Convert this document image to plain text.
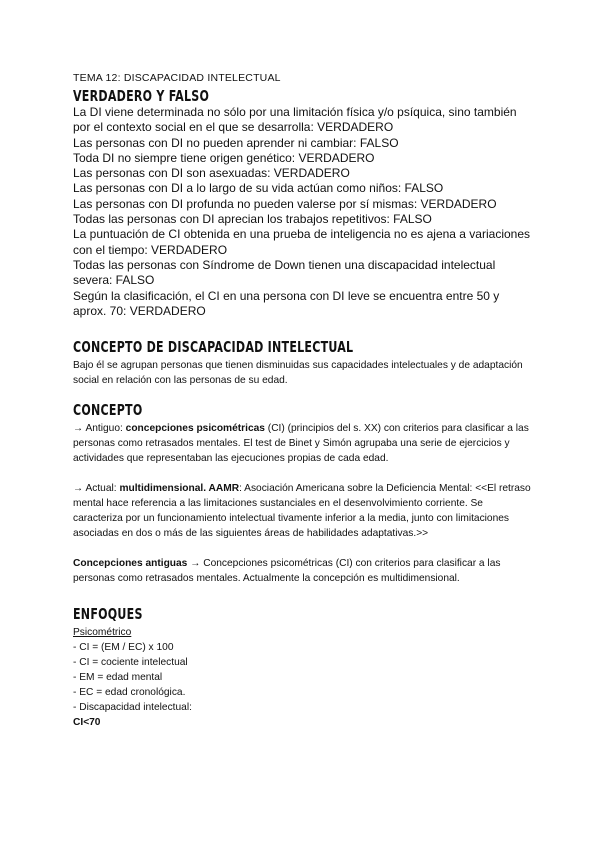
TEMA 12: DISCAPACIDAD INTELECTUAL

VERDADERO Y FALSO
La DI viene determinada no sólo por una limitación física y/o psíquica, sino también por el contexto social en el que se desarrolla: VERDADERO
Las personas con DI no pueden aprender ni cambiar: FALSO
Toda DI no siempre tiene origen genético: VERDADERO
Las personas con DI son asexuadas: VERDADERO
Las personas con DI a lo largo de su vida actúan como niños: FALSO
Las personas con DI profunda no pueden valerse por sí mismas: VERDADERO
Todas las personas con DI aprecian los trabajos repetitivos: FALSO
La puntuación de CI obtenida en una prueba de inteligencia no es ajena a variaciones con el tiempo: VERDADERO
Todas las personas con Síndrome de Down tienen una discapacidad intelectual severa: FALSO
Según la clasificación, el CI en una persona con DI leve se encuentra entre 50 y aprox. 70: VERDADERO
CONCEPTO DE DISCAPACIDAD INTELECTUAL

Bajo él se agrupan personas que tienen disminuidas sus capacidades intelectuales y de adaptación social en relación con las personas de su edad.

CONCEPTO

→ Antiguo: concepciones psicométricas (CI) (principios del s. XX) con criterios para clasificar a las personas como retrasados mentales. El test de Binet y Simón agrupaba una serie de ejercicios y actividades que representaban las ejecuciones propias de cada edad.

→ Actual: multidimensional. AAMR: Asociación Americana sobre la Deficiencia Mental: <<El retraso mental hace referencia a las limitaciones sustanciales en el desenvolvimiento corriente. Se caracteriza por un funcionamiento intelectual tivamente inferior a la media, junto con limitaciones asociadas en dos o más de las siguientes áreas de habilidades adaptativas.>>

Concepciones antiguas → Concepciones psicométricas (CI) con criterios para clasificar a las personas como retrasados mentales. Actualmente la concepción es multidimensional.

ENFOQUES

Psicométrico

- CI = (EM / EC) x 100

- CI = cociente intelectual

- EM = edad mental

- EC = edad cronológica.

- Discapacidad intelectual:

CI<70
